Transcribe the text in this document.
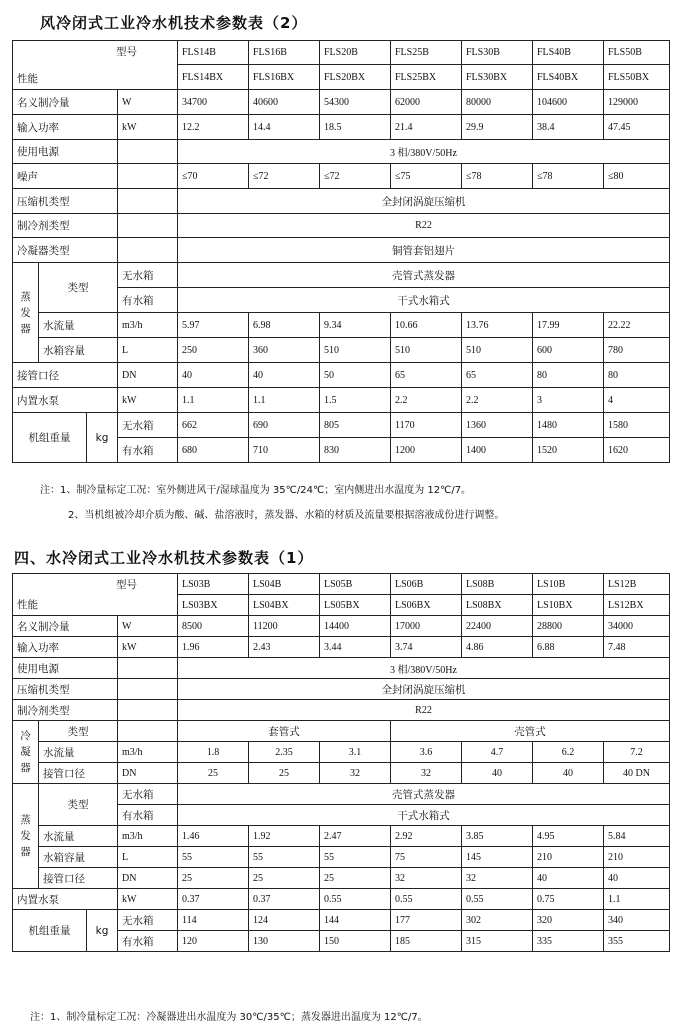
风冷闭式工业冷水机技术参数表（2）
型号
性能				FLS14B	FLS16B	FLS20B	FLS25B	FLS30B	FLS40B	FLS50B
				FLS14BX	FLS16BX	FLS20BX	FLS25BX	FLS30BX	FLS40BX	FLS50BX
名义制冷量			W	34700	40600	54300	62000	80000	104600	129000
输入功率			kW	12.2	14.4	18.5	21.4	29.9	38.4	47.45
使用电源				3 相/380V/50Hz						
噪声				≤70	≤72	≤72	≤75	≤78	≤78	≤80
压缩机类型				全封闭涡旋压缩机						
制冷剂类型				R22						
冷凝器类型				铜管套铝翅片						
蒸发器	类型		无水箱	壳管式蒸发器						
			有水箱	干式水箱式						
	水流量		m3/h	5.97	6.98	9.34	10.66	13.76	17.99	22.22
	水箱容量		L	250	360	510	510	510	600	780
接管口径			DN	40	40	50	65	65	80	80
内置水泵			kW	1.1	1.1	1.5	2.2	2.2	3	4
机组重量		kg	无水箱	662	690	805	1170	1360	1480	1580
			有水箱	680	710	830	1200	1400	1520	1620
注：1、制冷量标定工况：室外侧进风干/湿球温度为 35℃/24℃；室内侧进出水温度为 12℃/7。
2、当机组被冷却介质为酸、碱、盐溶液时，蒸发器、水箱的材质及流量要根据溶液成份进行调整。
四、水冷闭式工业冷水机技术参数表（1）
型号
性能				LS03B	LS04B	LS05B	LS06B	LS08B	LS10B	LS12B
				LS03BX	LS04BX	LS05BX	LS06BX	LS08BX	LS10BX	LS12BX
名义制冷量			W	8500	11200	14400	17000	22400	28800	34000
输入功率			kW	1.96	2.43	3.44	3.74	4.86	6.88	7.48
使用电源				3 相/380V/50Hz						
压缩机类型				全封闭涡旋压缩机						
制冷剂类型				R22						
冷凝器	类型			套管式			壳管式			
	水流量		m3/h	1.8	2.35	3.1	3.6	4.7	6.2	7.2
	接管口径		DN	25	25	32	32	40	40	40 DN
蒸发器	类型		无水箱	壳管式蒸发器						
			有水箱	干式水箱式						
	水流量		m3/h	1.46	1.92	2.47	2.92	3.85	4.95	5.84
	水箱容量		L	55	55	55	75	145	210	210
	接管口径		DN	25	25	25	32	32	40	40
内置水泵			kW	0.37	0.37	0.55	0.55	0.55	0.75	1.1
机组重量		kg	无水箱	114	124	144	177	302	320	340
			有水箱	120	130	150	185	315	335	355
注：1、制冷量标定工况：冷凝器进出水温度为 30℃/35℃；蒸发器进出温度为 12℃/7。
